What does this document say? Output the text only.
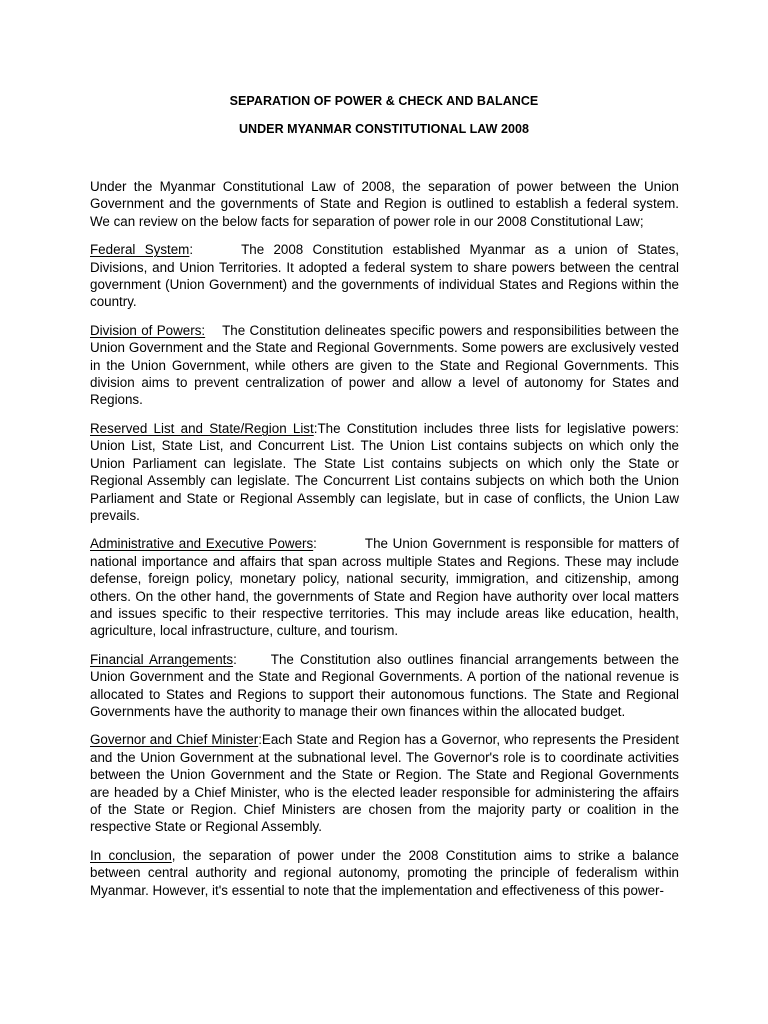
SEPARATION OF POWER & CHECK AND BALANCE
UNDER MYANMAR CONSTITUTIONAL LAW 2008

Under the Myanmar Constitutional Law of 2008, the separation of power between the Union Government and the governments of State and Region is outlined to establish a federal system. We can review on the below facts for separation of power role in our 2008 Constitutional Law;

Federal System:	The 2008 Constitution established Myanmar as a union of States, Divisions, and Union Territories. It adopted a federal system to share powers between the central government (Union Government) and the governments of individual States and Regions within the country.

Division of Powers: The Constitution delineates specific powers and responsibilities between the Union Government and the State and Regional Governments. Some powers are exclusively vested in the Union Government, while others are given to the State and Regional Governments. This division aims to prevent centralization of power and allow a level of autonomy for States and Regions.

Reserved List and State/Region List:The Constitution includes three lists for legislative powers: Union List, State List, and Concurrent List. The Union List contains subjects on which only the Union Parliament can legislate. The State List contains subjects on which only the State or Regional Assembly can legislate. The Concurrent List contains subjects on which both the Union Parliament and State or Regional Assembly can legislate, but in case of conflicts, the Union Law prevails.

Administrative and Executive Powers:	The Union Government is responsible for matters of national importance and affairs that span across multiple States and Regions. These may include defense, foreign policy, monetary policy, national security, immigration, and citizenship, among others. On the other hand, the governments of State and Region have authority over local matters and issues specific to their respective territories. This may include areas like education, health, agriculture, local infrastructure, culture, and tourism.

Financial Arrangements:	The Constitution also outlines financial arrangements between the Union Government and the State and Regional Governments. A portion of the national revenue is allocated to States and Regions to support their autonomous functions. The State and Regional Governments have the authority to manage their own finances within the allocated budget.

Governor and Chief Minister:Each State and Region has a Governor, who represents the President and the Union Government at the subnational level. The Governor's role is to coordinate activities between the Union Government and the State or Region. The State and Regional Governments are headed by a Chief Minister, who is the elected leader responsible for administering the affairs of the State or Region. Chief Ministers are chosen from the majority party or coalition in the respective State or Regional Assembly.

In conclusion, the separation of power under the 2008 Constitution aims to strike a balance between central authority and regional autonomy, promoting the principle of federalism within Myanmar. However, it's essential to note that the implementation and effectiveness of this power-
